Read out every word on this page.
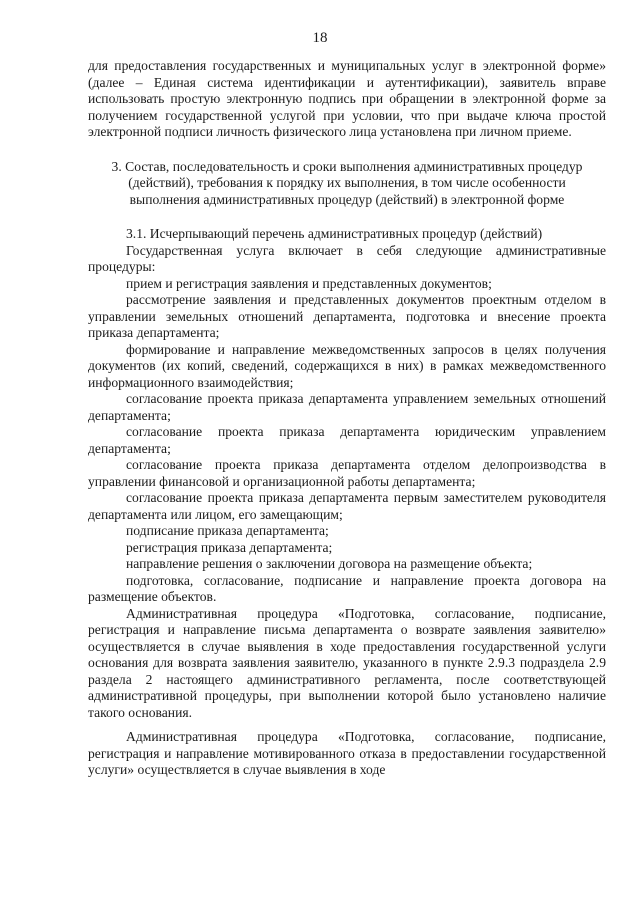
18

для предоставления государственных и муниципальных услуг в электронной форме» (далее – Единая система идентификации и аутентификации), заявитель вправе использовать простую электронную подпись при обращении в электронной форме за получением государственной услугой при условии, что при выдаче ключа простой электронной подписи личность физического лица установлена при личном приеме.

3. Состав, последовательность и сроки выполнения административных процедур (действий), требования к порядку их выполнения, в том числе особенности выполнения административных процедур (действий) в электронной форме

3.1. Исчерпывающий перечень административных процедур (действий)

Государственная услуга включает в себя следующие административные процедуры:

прием и регистрация заявления и представленных документов;

рассмотрение заявления и представленных документов проектным отделом в управлении земельных отношений департамента, подготовка и внесение проекта приказа департамента;

формирование и направление межведомственных запросов в целях получения документов (их копий, сведений, содержащихся в них) в рамках межведомственного информационного взаимодействия;

согласование проекта приказа департамента управлением земельных отношений департамента;

согласование проекта приказа департамента юридическим управлением департамента;

согласование проекта приказа департамента отделом делопроизводства в управлении финансовой и организационной работы департамента;

согласование проекта приказа департамента первым заместителем руководителя департамента или лицом, его замещающим;

подписание приказа департамента;

регистрация приказа департамента;

направление решения о заключении договора на размещение объекта;

подготовка, согласование, подписание и направление проекта договора на размещение объектов.

Административная процедура «Подготовка, согласование, подписание, регистрация и направление письма департамента о возврате заявления заявителю» осуществляется в случае выявления в ходе предоставления государственной услуги основания для возврата заявления заявителю, указанного в пункте 2.9.3 подраздела 2.9 раздела 2 настоящего административного регламента, после соответствующей административной процедуры, при выполнении которой было установлено наличие такого основания.

Административная процедура «Подготовка, согласование, подписание, регистрация и направление мотивированного отказа в предоставлении государственной услуги» осуществляется в случае выявления в ходе
